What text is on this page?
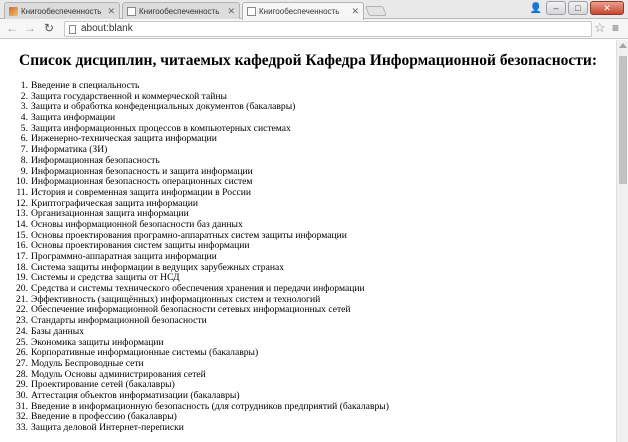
Книгообеспеченность ✕	Книгообеспеченность ✕	Книгообеспеченность ✕	👤	–	□	✕
← → ↻	about:blank	☆ ≡
Список дисциплин, читаемых кафедрой Кафедра Информационной безопасности:
1. Введение в специальность
2. Защита государственной и коммерческой тайны
3. Защита и обработка конфеденциальных документов (бакалавры)
4. Защита информации
5. Защита информационных процессов в компьютерных системах
6. Инженерно-техническая защита информации
7. Информатика (ЗИ)
8. Информационная безопасность
9. Информационная безопасность и защита информации
10. Информационная безопасность операционных систем
11. История и современная защита информации в России
12. Криптографическая защита информации
13. Организационная защита информации
14. Основы информационной безопасности баз данных
15. Основы проектирования програмно-аппаратных систем защиты информации
16. Основы проектирования систем защиты информации
17. Программно-аппаратная защита информации
18. Система защиты информации в ведущих зарубежных странах
19. Системы и средства защиты от НСД
20. Средства и системы технического обеспечения хранения и передачи информации
21. Эффективность (защищённых) информационных систем и технологий
22. Обеспечение информационной безопасности сетевых информационных сетей
23. Стандарты информационной безопасности
24. Базы данных
25. Экономика защиты информации
26. Корпоративные информационные системы (бакалавры)
27. Модуль Беспроводные сети
28. Модуль Основы администрирования сетей
29. Проектирование сетей (бакалавры)
30. Аттестация объектов информатизации (бакалавры)
31. Введение в информационную безопасность (для сотрудников предприятий (бакалавры)
32. Введение в профессию (бакалавры)
33. Защита деловой Интернет-переписки
